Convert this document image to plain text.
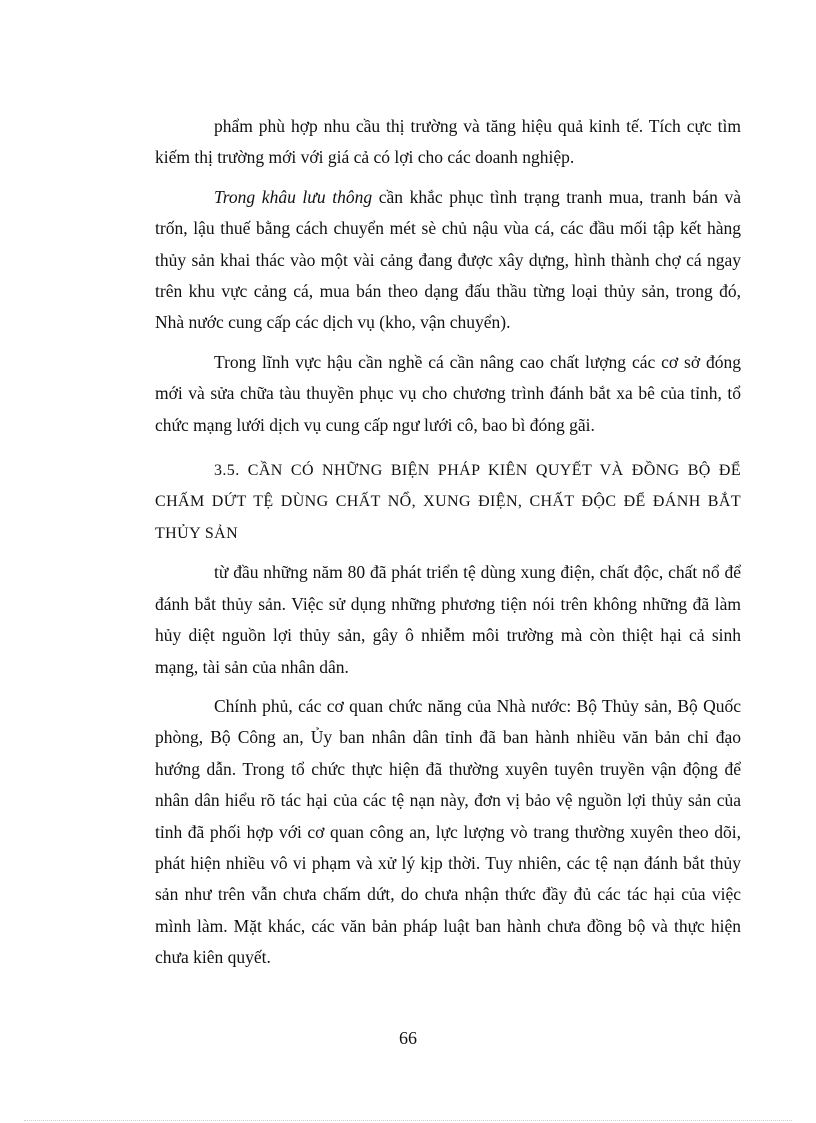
phẩm phù hợp nhu cầu thị trường và tăng hiệu quả kinh tế. Tích cực tìm kiếm thị trường mới với giá cả có lợi cho các doanh nghiệp.

Trong khâu lưu thông cần khắc phục tình trạng tranh mua, tranh bán và trốn, lậu thuế bằng cách chuyển mét sè chủ nậu vùa cá, các đầu mối tập kết hàng thủy sản khai thác vào một vài cảng đang được xây dựng, hình thành chợ cá ngay trên khu vực cảng cá, mua bán theo dạng đấu thầu từng loại thủy sản, trong đó, Nhà nước cung cấp các dịch vụ (kho, vận chuyển).

Trong lĩnh vực hậu cần nghề cá cần nâng cao chất lượng các cơ sở đóng mới và sửa chữa tàu thuyền phục vụ cho chương trình đánh bắt xa bê của tỉnh, tổ chức mạng lưới dịch vụ cung cấp ngư lưới cô, bao bì đóng gãi.

3.5. CẦN CÓ NHỮNG BIỆN PHÁP KIÊN QUYẾT VÀ ĐỒNG BỘ ĐỂ CHẤM DỨT TỆ DÙNG CHẤT NỔ, XUNG ĐIỆN, CHẤT ĐỘC ĐỂ ĐÁNH BẮT THỦY SẢN

từ đầu những năm 80 đã phát triển tệ dùng xung điện, chất độc, chất nổ để đánh bắt thủy sản. Việc sử dụng những phương tiện nói trên không những đã làm hủy diệt nguồn lợi thủy sản, gây ô nhiễm môi trường mà còn thiệt hại cả sinh mạng, tài sản của nhân dân.

Chính phủ, các cơ quan chức năng của Nhà nước: Bộ Thủy sản, Bộ Quốc phòng, Bộ Công an, Ủy ban nhân dân tỉnh đã ban hành nhiều văn bản chỉ đạo hướng dẫn. Trong tổ chức thực hiện đã thường xuyên tuyên truyền vận động để nhân dân hiểu rõ tác hại của các tệ nạn này, đơn vị bảo vệ nguồn lợi thủy sản của tỉnh đã phối hợp với cơ quan công an, lực lượng vò trang thường xuyên theo dõi, phát hiện nhiều vô vi phạm và xử lý kịp thời. Tuy nhiên, các tệ nạn đánh bắt thủy sản như trên vẫn chưa chấm dứt, do chưa nhận thức đầy đủ các tác hại của việc mình làm. Mặt khác, các văn bản pháp luật ban hành chưa đồng bộ và thực hiện chưa kiên quyết.

66
